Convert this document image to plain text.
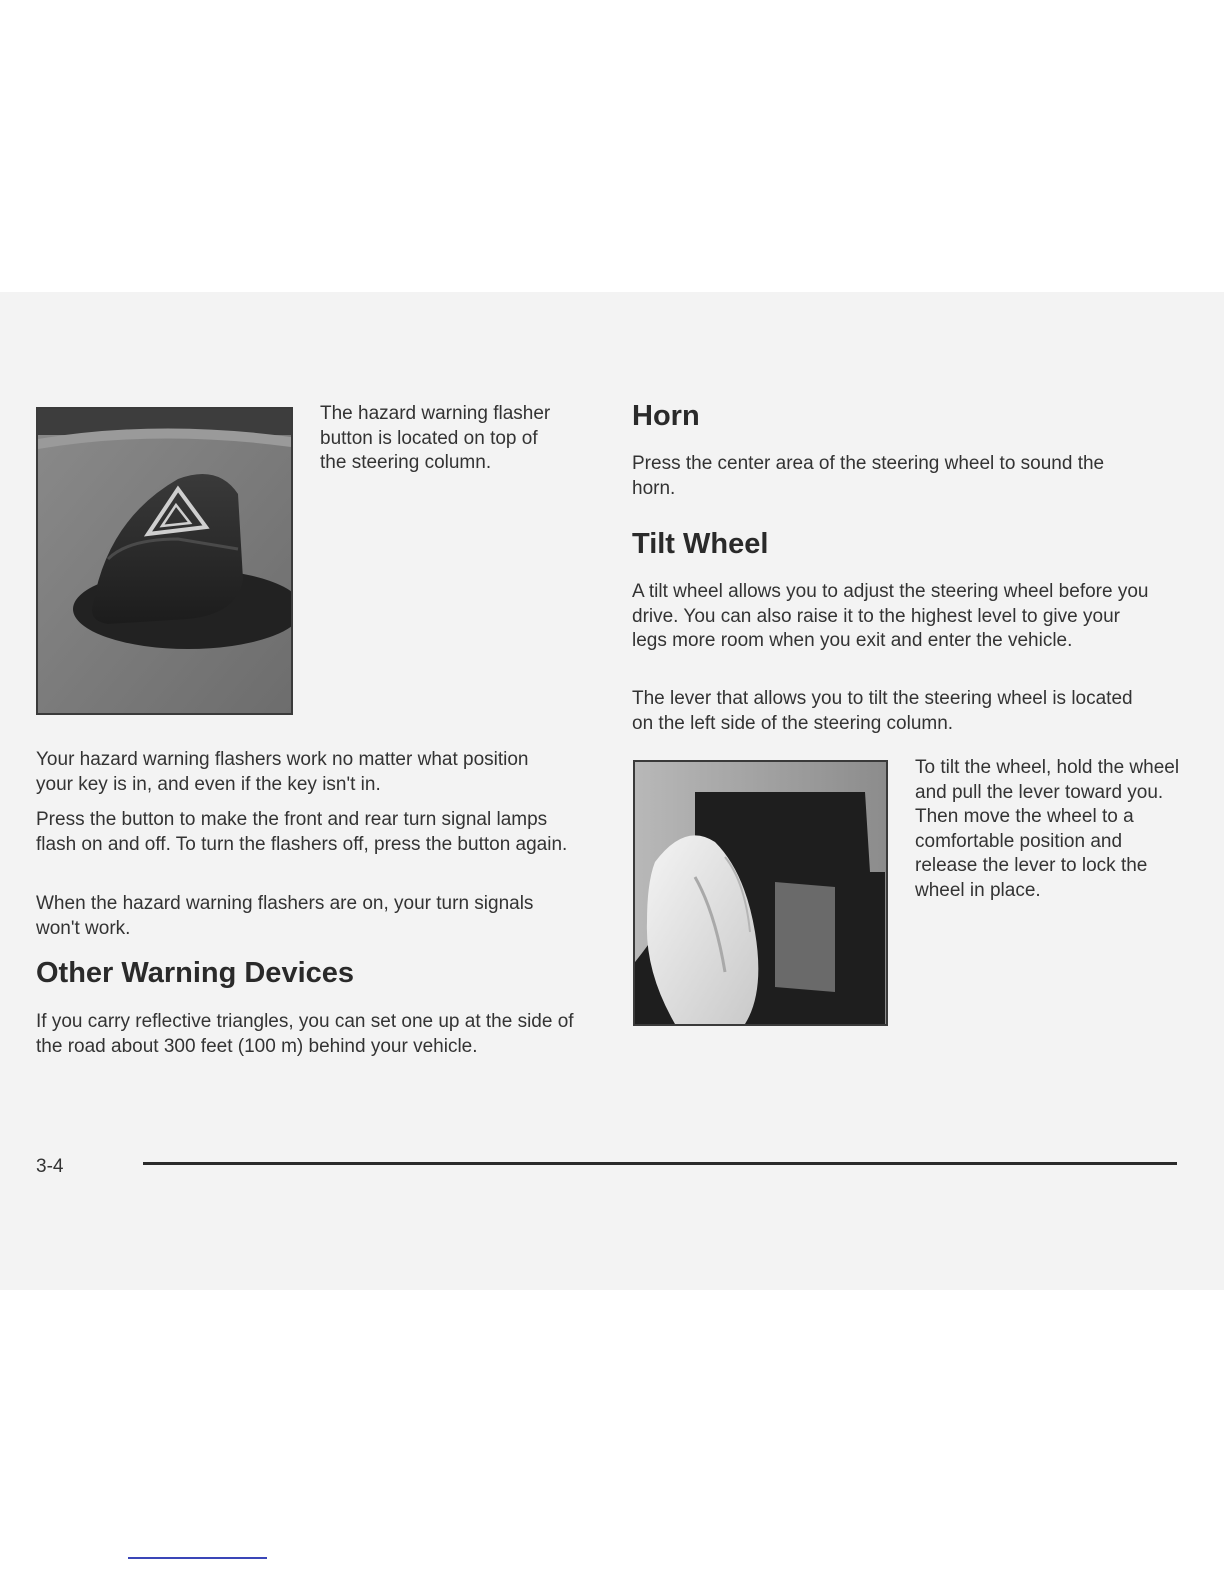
The hazard warning flasher button is located on top of the steering column.

Your hazard warning flashers work no matter what position your key is in, and even if the key isn't in.

Press the button to make the front and rear turn signal lamps flash on and off. To turn the flashers off, press the button again.

When the hazard warning flashers are on, your turn signals won't work.

Other Warning Devices

If you carry reflective triangles, you can set one up at the side of the road about 300 feet (100 m) behind your vehicle.

Horn

Press the center area of the steering wheel to sound the horn.

Tilt Wheel

A tilt wheel allows you to adjust the steering wheel before you drive. You can also raise it to the highest level to give your legs more room when you exit and enter the vehicle.

The lever that allows you to tilt the steering wheel is located on the left side of the steering column.

To tilt the wheel, hold the wheel and pull the lever toward you. Then move the wheel to a comfortable position and release the lever to lock the wheel in place.

3-4
